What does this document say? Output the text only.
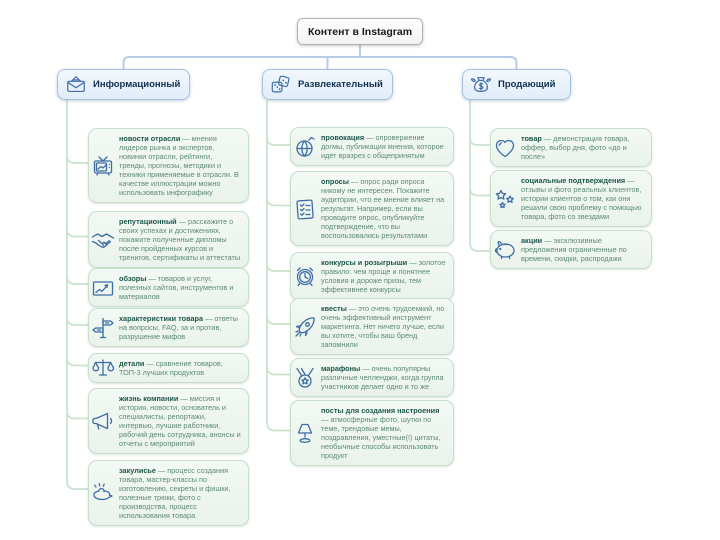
Контент в Instagram
Информационный	Развлекательный	Продающий

новости отрасли — мнения лидеров рынка и экспертов, новинки отрасли, рейтинги, тренды, прогнозы, методики и техники применяемые в отрасли. В качестве иллюстрации можно использовать инфографику

репутационный — расскажите о своих успехах и достижениях, покажите полученные дипломы после пройденных курсов и тренигов, сертификаты и аттестаты

обзоры — товаров и услуг, полезных сайтов, инструментов и материалов

характеристики товара — ответы на вопросы, FAQ, за и против, разрушение мифов

детали — сравнение товаров, ТОП-3 лучших продуктов

жизнь компании — миссия и история, новости, основатель и специалисты, репортажи, интервью, лучшие работники, рабочий день сотрудника, анонсы и отчеты с мероприятий

закулисье — процесс создания товара, мастер-классы по изготовлению, секреты и фишки, полезные трюки, фото с производства, процесс использования товара

провокация — опровержение догмы, публикация мнения, которое идет вразрез с общепринятым

опросы — опрос ради опроса никому не интересен. Покажите аудитории, что ее мнение влияет на результат. Например, если вы проводите опрос, опубликуйте подтверждение, что вы воспользовались результатами

конкурсы и розыгрыши — золотое правило: чем проще и понятнее условия и дороже призы, тем эффективнее конкурсы

квесты — это очень трудоемкий, но очень эффективный инструмент маркетинга. Нет ничего лучше, если вы хотите, чтобы ваш бренд запомнили

марафоны — очень популярны различные челленджи, когда группа участников делает одно и то же

посты для создания настроения — атмосферные фото, шутки по теме, трендовые мемы, поздравления, уместные(!) цитаты, необычные способы использовать продукт

товар — демонстрация товара, оффер, выбор дня, фото «до и после»

социальные подтверждения — отзывы и фото реальных клиентов, истории клиентов о том, как они решили свою проблему с помощью товара, фото со звездами

акции — эксклюзивные предложения ограниченные по времени, скидки, распродажи
